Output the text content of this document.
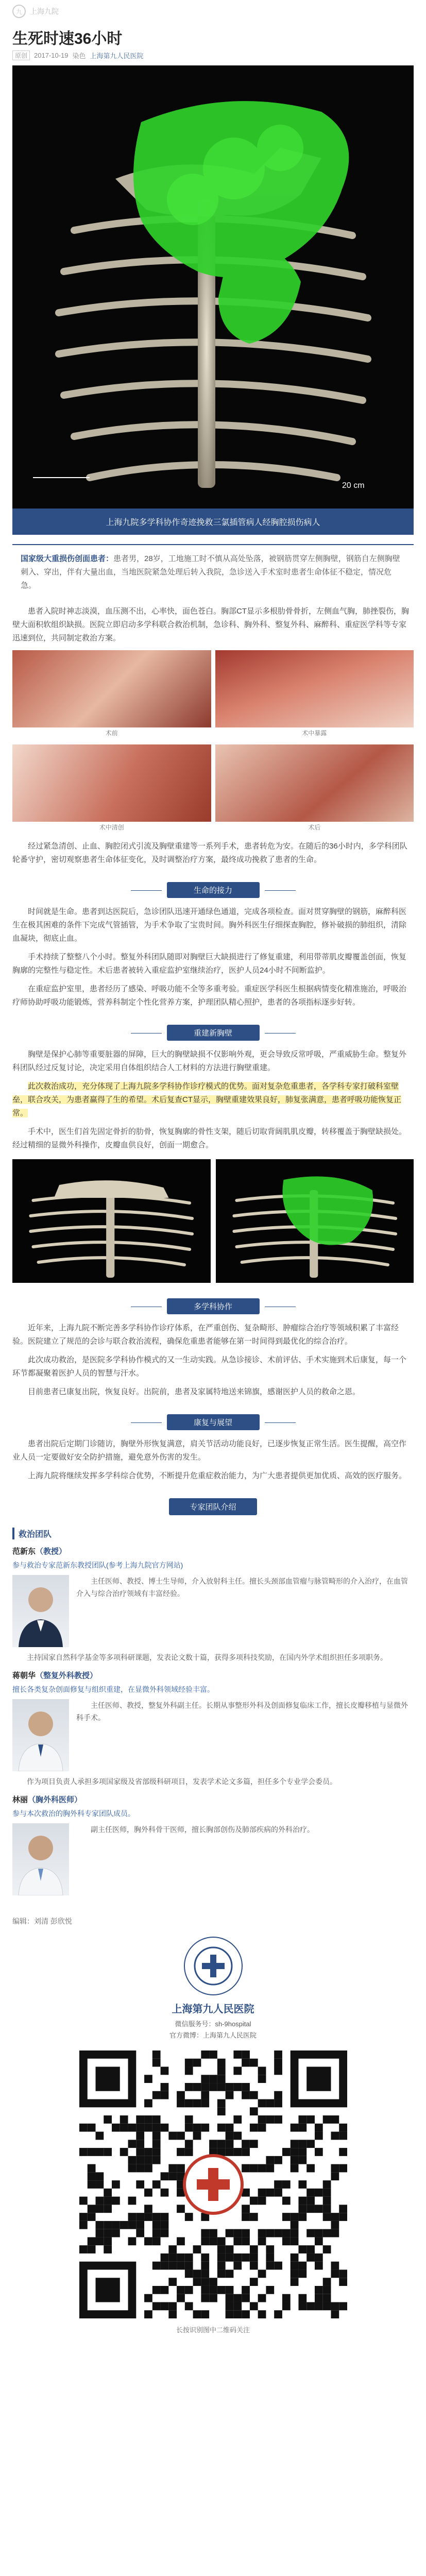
九	上海九院
生死时速36小时
原创	2017-10-19 染色 上海第九人民医院
20 cm
上海九院多学科协作奇迹挽救三氯插管病人经胸腔损伤病人
国家级大重损伤创面患者：患者男，28岁，工地施工时不慎从高处坠落，被钢筋贯穿左侧胸壁，钢筋自左侧胸壁刺入、穿出，伴有大量出血，当地医院紧急处理后转入我院，急诊送入手术室时患者生命体征不稳定，情况危急。

患者入院时神志淡漠，血压测不出，心率快，面色苍白。胸部CT显示多根肋骨骨折，左侧血气胸，肺挫裂伤，胸壁大面积软组织缺损。医院立即启动多学科联合救治机制，急诊科、胸外科、整复外科、麻醉科、重症医学科等专家迅速到位，共同制定救治方案。

术前	术中暴露
术中清创	术后

经过紧急清创、止血、胸腔闭式引流及胸壁重建等一系列手术，患者转危为安。在随后的36小时内，多学科团队轮番守护，密切观察患者生命体征变化，及时调整治疗方案，最终成功挽救了患者的生命。

生命的接力

时间就是生命。患者到达医院后，急诊团队迅速开通绿色通道，完成各项检查。面对贯穿胸壁的钢筋，麻醉科医生在极其困难的条件下完成气管插管，为手术争取了宝贵时间。胸外科医生仔细探查胸腔，修补破损的肺组织，清除血凝块，彻底止血。

手术持续了整整八个小时。整复外科团队随即对胸壁巨大缺损进行了修复重建，利用带蒂肌皮瓣覆盖创面，恢复胸廓的完整性与稳定性。术后患者被转入重症监护室继续治疗，医护人员24小时不间断监护。

在重症监护室里，患者经历了感染、呼吸功能不全等多重考验。重症医学科医生根据病情变化精准施治，呼吸治疗师协助呼吸功能锻炼，营养科制定个性化营养方案，护理团队精心照护，患者的各项指标逐步好转。

重建新胸壁

胸壁是保护心肺等重要脏器的屏障，巨大的胸壁缺损不仅影响外观，更会导致反常呼吸，严重威胁生命。整复外科团队经过反复讨论，决定采用自体组织结合人工材料的方法进行胸壁重建。

此次救治成功，充分体现了上海九院多学科协作诊疗模式的优势。面对复杂危重患者，各学科专家打破科室壁垒，联合攻关，为患者赢得了生的希望。术后复查CT显示，胸壁重建效果良好，肺复张满意，患者呼吸功能恢复正常。

手术中，医生们首先固定骨折的肋骨，恢复胸廓的骨性支架，随后切取背阔肌肌皮瓣，转移覆盖于胸壁缺损处。经过精细的显微外科操作，皮瓣血供良好，创面一期愈合。

多学科协作

近年来，上海九院不断完善多学科协作诊疗体系，在严重创伤、复杂畸形、肿瘤综合治疗等领域积累了丰富经验。医院建立了规范的会诊与联合救治流程，确保危重患者能够在第一时间得到最优化的综合治疗。

此次成功救治，是医院多学科协作模式的又一生动实践。从急诊接诊、术前评估、手术实施到术后康复，每一个环节都凝聚着医护人员的智慧与汗水。

目前患者已康复出院，恢复良好。出院前，患者及家属特地送来锦旗，感谢医护人员的救命之恩。

康复与展望

患者出院后定期门诊随访，胸壁外形恢复满意，肩关节活动功能良好，已逐步恢复正常生活。医生提醒，高空作业人员一定要做好安全防护措施，避免意外伤害的发生。

上海九院将继续发挥多学科综合优势，不断提升危重症救治能力，为广大患者提供更加优质、高效的医疗服务。

专家团队介绍
救治团队
范新东（教授）
参与救治专家范新东教授团队(参考上海九院官方网站)
主任医师、教授、博士生导师，介入放射科主任。擅长头颈部血管瘤与脉管畸形的介入治疗，在血管介入与综合治疗领域有丰富经验。
主持国家自然科学基金等多项科研课题，发表论文数十篇，获得多项科技奖励，在国内外学术组织担任多项职务。
蒋朝华（整复外科教授）
擅长各类复杂创面修复与组织重建，在显微外科领域经验丰富。
主任医师、教授，整复外科副主任。长期从事整形外科及创面修复临床工作，擅长皮瓣移植与显微外科手术。
作为项目负责人承担多项国家级及省部级科研项目，发表学术论文多篇，担任多个专业学会委员。
林丽（胸外科医师）
参与本次救治的胸外科专家团队成员。
副主任医师，胸外科骨干医师，擅长胸部创伤及肺部疾病的外科治疗。
编辑：刘清 彭欣悦
上海第九人民医院
微信服务号：sh-9hospital
官方微博：上海第九人民医院
长按识别图中二维码关注
